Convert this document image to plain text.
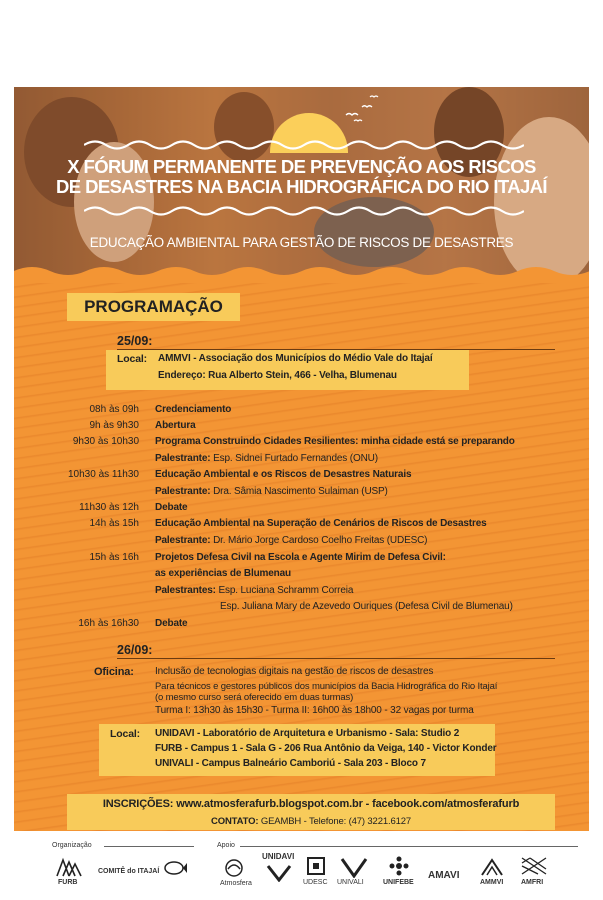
X FÓRUM PERMANENTE DE PREVENÇÃO AOS RISCOS
DE DESASTRES NA BACIA HIDROGRÁFICA DO RIO ITAJAÍ
EDUCAÇÃO AMBIENTAL PARA GESTÃO DE RISCOS DE DESASTRES
PROGRAMAÇÃO
25/09:
Local: AMMVI - Associação dos Municípios do Médio Vale do Itajaí
Endereço: Rua Alberto Stein, 466 - Velha, Blumenau
08h às 09h Credenciamento
9h às 9h30 Abertura
9h30 às 10h30 Programa Construindo Cidades Resilientes: minha cidade está se preparando
Palestrante: Esp. Sidnei Furtado Fernandes (ONU)
10h30 às 11h30 Educação Ambiental e os Riscos de Desastres Naturais
Palestrante: Dra. Sâmia Nascimento Sulaiman (USP)
11h30 às 12h Debate
14h às 15h Educação Ambiental na Superação de Cenários de Riscos de Desastres
Palestrante: Dr. Mário Jorge Cardoso Coelho Freitas (UDESC)
15h às 16h Projetos Defesa Civil na Escola e Agente Mirim de Defesa Civil:
as experiências de Blumenau
Palestrantes: Esp. Luciana Schramm Correia
Esp. Juliana Mary de Azevedo Ouriques (Defesa Civil de Blumenau)
16h às 16h30 Debate
26/09:
Oficina: Inclusão de tecnologias digitais na gestão de riscos de desastres
Para técnicos e gestores públicos dos municípios da Bacia Hidrográfica do Rio Itajaí
(o mesmo curso será oferecido em duas turmas)
Turma I: 13h30 às 15h30 - Turma II: 16h00 às 18h00 - 32 vagas por turma
Local: UNIDAVI - Laboratório de Arquitetura e Urbanismo - Sala: Studio 2
FURB - Campus 1 - Sala G - 206 Rua Antônio da Veiga, 140 - Victor Konder
UNIVALI - Campus Balneário Camboriú - Sala 203 - Bloco 7
INSCRIÇÕES: www.atmosferafurb.blogspot.com.br - facebook.com/atmosferafurb
CONTATO: GEAMBH - Telefone: (47) 3221.6127
Organização	Apoio
FURB
COMITÊ do ITAJAÍ
Atmosfera
UNIDAVI
UDESC UNIVALI	UNIFEBE
AMAVI
AMMVI	AMFRI
